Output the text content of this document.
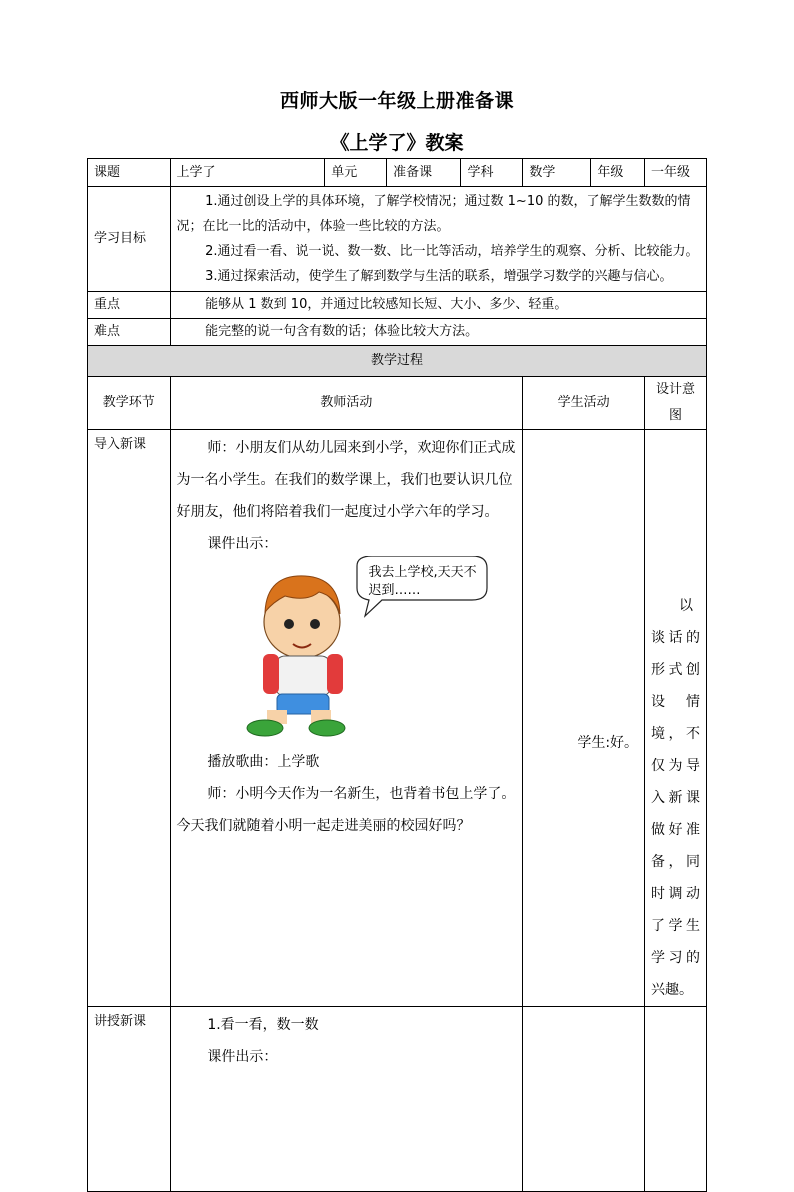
西师大版一年级上册准备课
《上学了》教案
课题	上学了	单元	准备课	学科	数学	年级	一年级
学习目标	1.通过创设上学的具体环境，了解学校情况；通过数 1~10 的数，了解学生数数的情况；在比一比的活动中，体验一些比较的方法。

2.通过看一看、说一说、数一数、比一比等活动，培养学生的观察、分析、比较能力。

3.通过探索活动，使学生了解到数学与生活的联系，增强学习数学的兴趣与信心。						

重点	能够从 1 数到 10，并通过比较感知长短、大小、多少、轻重。						

难点	能完整的说一句含有数的话；体验比较大方法。						

教学过程							
教学环节	教师活动				学生活动		设计意图
导入新课	师：小朋友们从幼儿园来到小学，欢迎你们正式成为一名小学生。在我们的数学课上，我们也要认识几位好朋友，他们将陪着我们一起度过小学六年的学习。

课件出示：

我去上学校,天天不迟到……

播放歌曲：上学歌

师：小明今天作为一名新生，也背着书包上学了。今天我们就随着小明一起走进美丽的校园好吗？				学生:好。		以谈话的形式创设情境，不仅为导入新课做好准备，同时调动了学生学习的兴趣。

讲授新课	1.看一看，数一数

课件出示：						
